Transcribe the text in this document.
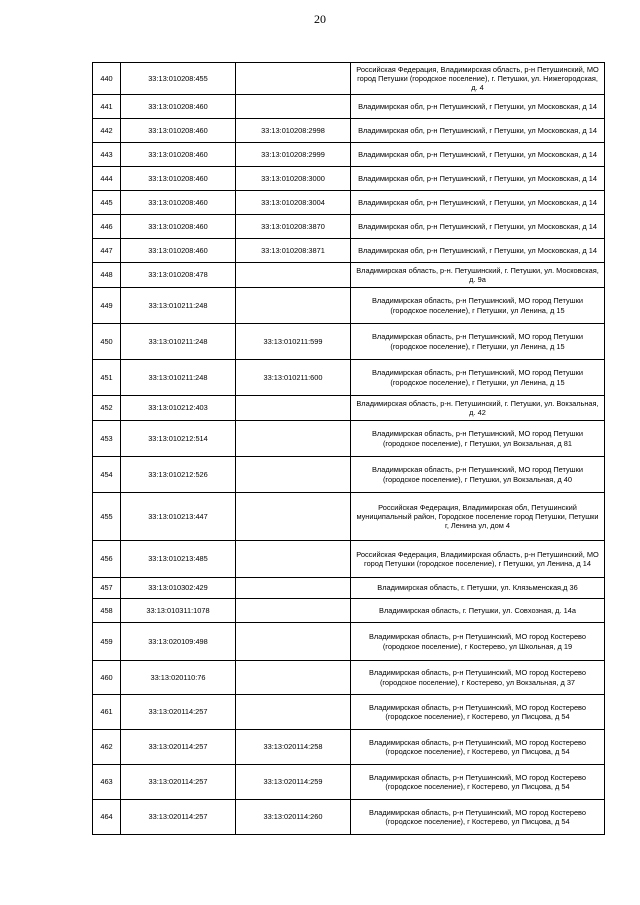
20
440	33:13:010208:455		Российская Федерация, Владимирская область, р-н Петушинский, МО город Петушки (городское поселение), г. Петушки, ул. Нижегородская, д. 4
441	33:13:010208:460		Владимирская обл, р-н Петушинский, г Петушки, ул Московская, д 14
442	33:13:010208:460	33:13:010208:2998	Владимирская обл, р-н Петушинский, г Петушки, ул Московская, д 14
443	33:13:010208:460	33:13:010208:2999	Владимирская обл, р-н Петушинский, г Петушки, ул Московская, д 14
444	33:13:010208:460	33:13:010208:3000	Владимирская обл, р-н Петушинский, г Петушки, ул Московская, д 14
445	33:13:010208:460	33:13:010208:3004	Владимирская обл, р-н Петушинский, г Петушки, ул Московская, д 14
446	33:13:010208:460	33:13:010208:3870	Владимирская обл, р-н Петушинский, г Петушки, ул Московская, д 14
447	33:13:010208:460	33:13:010208:3871	Владимирская обл, р-н Петушинский, г Петушки, ул Московская, д 14
448	33:13:010208:478		Владимирская область, р-н. Петушинский, г. Петушки, ул. Московская, д. 9а
449	33:13:010211:248		Владимирская область, р-н Петушинский, МО город Петушки (городское поселение), г Петушки, ул Ленина, д 15
450	33:13:010211:248	33:13:010211:599	Владимирская область, р-н Петушинский, МО город Петушки (городское поселение), г Петушки, ул Ленина, д 15
451	33:13:010211:248	33:13:010211:600	Владимирская область, р-н Петушинский, МО город Петушки (городское поселение), г Петушки, ул Ленина, д 15
452	33:13:010212:403		Владимирская область, р-н. Петушинский, г. Петушки, ул. Вокзальная, д. 42
453	33:13:010212:514		Владимирская область, р-н Петушинский, МО город Петушки (городское поселение), г Петушки, ул Вокзальная, д 81
454	33:13:010212:526		Владимирская область, р-н Петушинский, МО город Петушки (городское поселение), г Петушки, ул Вокзальная, д 40
455	33:13:010213:447		Российская Федерация, Владимирская обл, Петушинский муниципальный район, Городское поселение город Петушки, Петушки г, Ленина ул, дом 4
456	33:13:010213:485		Российская Федерация, Владимирская область, р-н Петушинский, МО город Петушки (городское поселение), г Петушки, ул Ленина, д 14
457	33:13:010302:429		Владимирская область, г. Петушки, ул. Клязьменская,д 36
458	33:13:010311:1078		Владимирская область, г. Петушки, ул. Совхозная, д. 14а
459	33:13:020109:498		Владимирская область, р-н Петушинский, МО город Костерево (городское поселение), г Костерево, ул Школьная, д 19
460	33:13:020110:76		Владимирская область, р-н Петушинский, МО город Костерево (городское поселение), г Костерево, ул Вокзальная, д 37
461	33:13:020114:257		Владимирская область, р-н Петушинский, МО город Костерево (городское поселение), г Костерево, ул Писцова, д 54
462	33:13:020114:257	33:13:020114:258	Владимирская область, р-н Петушинский, МО город Костерево (городское поселение), г Костерево, ул Писцова, д 54
463	33:13:020114:257	33:13:020114:259	Владимирская область, р-н Петушинский, МО город Костерево (городское поселение), г Костерево, ул Писцова, д 54
464	33:13:020114:257	33:13:020114:260	Владимирская область, р-н Петушинский, МО город Костерево (городское поселение), г Костерево, ул Писцова, д 54
